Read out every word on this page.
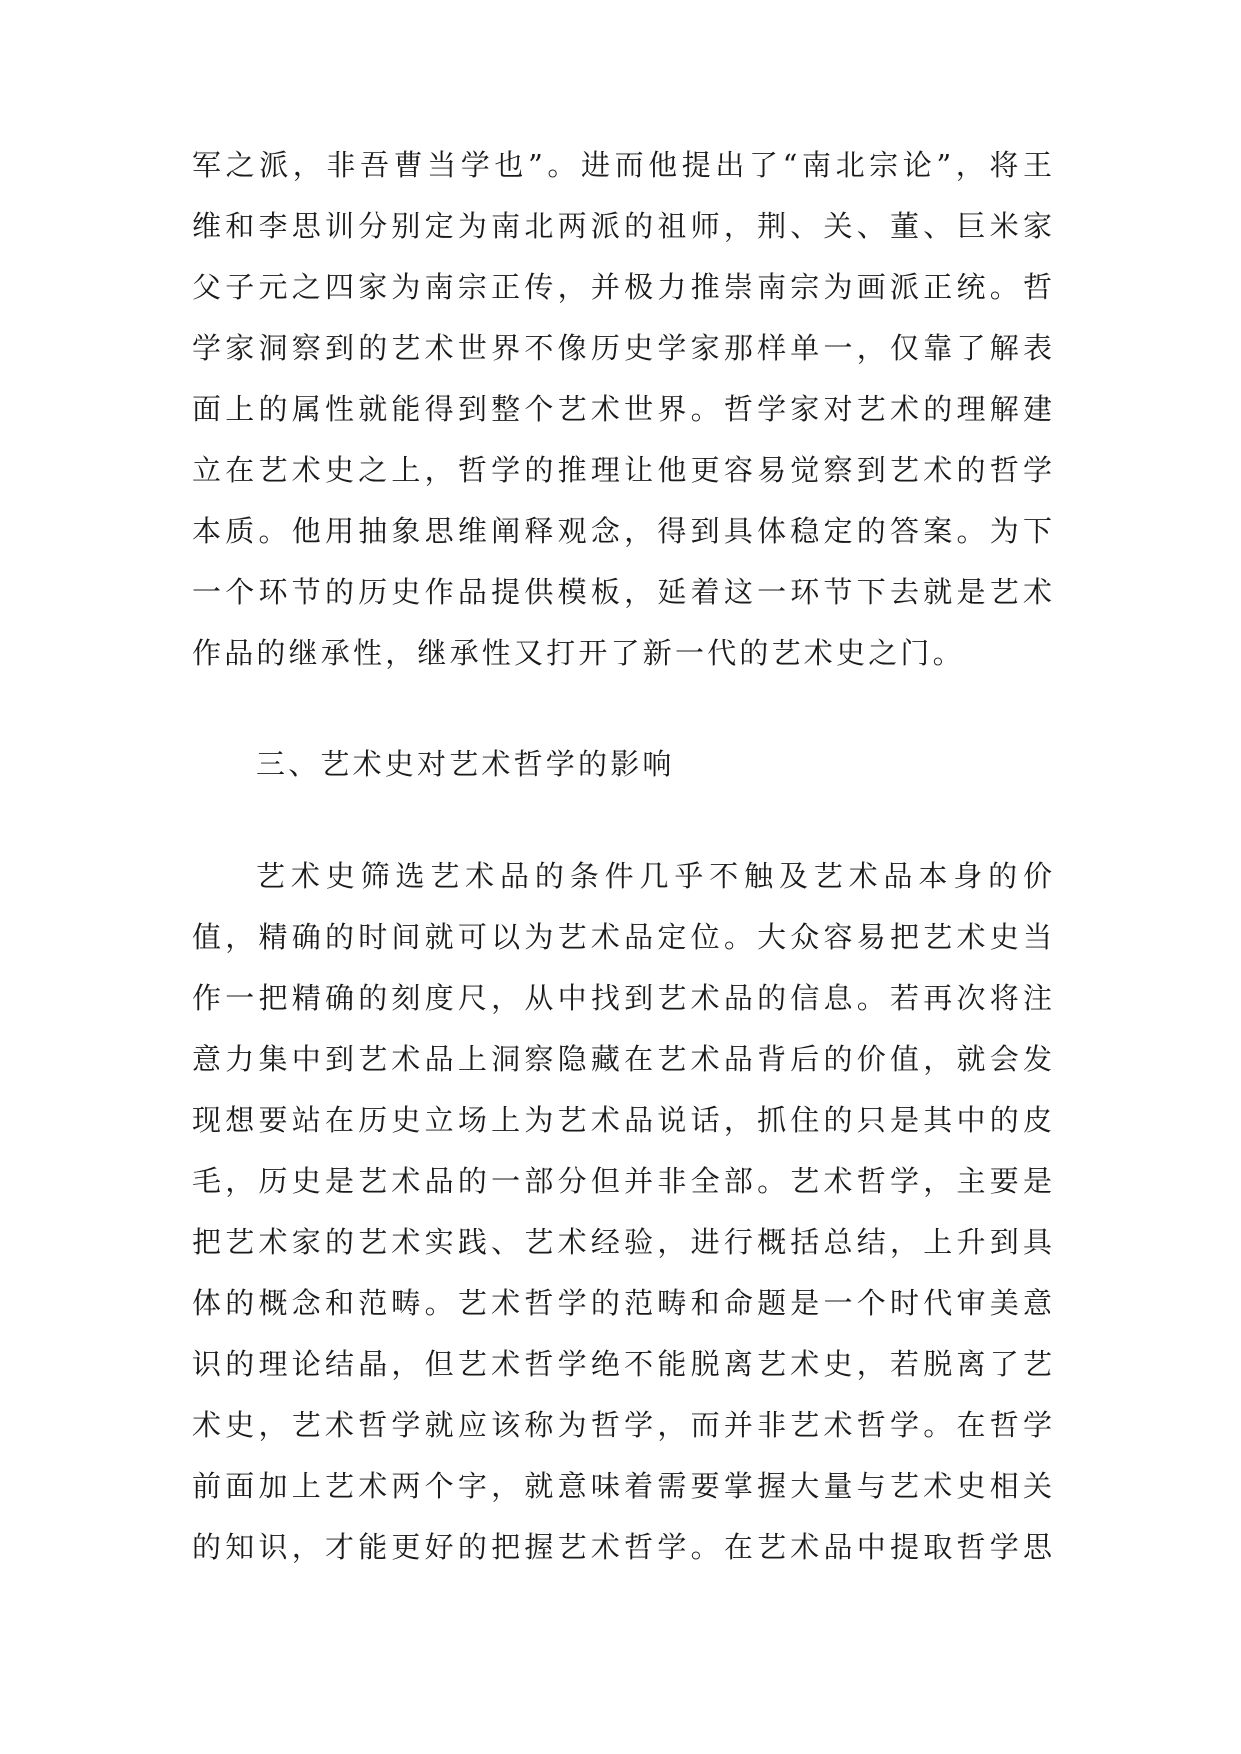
军之派，非吾曹当学也”。进而他提出了“南北宗论”，将王
维和李思训分别定为南北两派的祖师，荆、关、董、巨米家
父子元之四家为南宗正传，并极力推崇南宗为画派正统。哲
学家洞察到的艺术世界不像历史学家那样单一，仅靠了解表
面上的属性就能得到整个艺术世界。哲学家对艺术的理解建
立在艺术史之上，哲学的推理让他更容易觉察到艺术的哲学
本质。他用抽象思维阐释观念，得到具体稳定的答案。为下
一个环节的历史作品提供模板，延着这一环节下去就是艺术
作品的继承性，继承性又打开了新一代的艺术史之门。
三、艺术史对艺术哲学的影响
艺术史筛选艺术品的条件几乎不触及艺术品本身的价
值，精确的时间就可以为艺术品定位。大众容易把艺术史当
作一把精确的刻度尺，从中找到艺术品的信息。若再次将注
意力集中到艺术品上洞察隐藏在艺术品背后的价值，就会发
现想要站在历史立场上为艺术品说话，抓住的只是其中的皮
毛，历史是艺术品的一部分但并非全部。艺术哲学，主要是
把艺术家的艺术实践、艺术经验，进行概括总结，上升到具
体的概念和范畴。艺术哲学的范畴和命题是一个时代审美意
识的理论结晶，但艺术哲学绝不能脱离艺术史，若脱离了艺
术史，艺术哲学就应该称为哲学，而并非艺术哲学。在哲学
前面加上艺术两个字，就意味着需要掌握大量与艺术史相关
的知识，才能更好的把握艺术哲学。在艺术品中提取哲学思
